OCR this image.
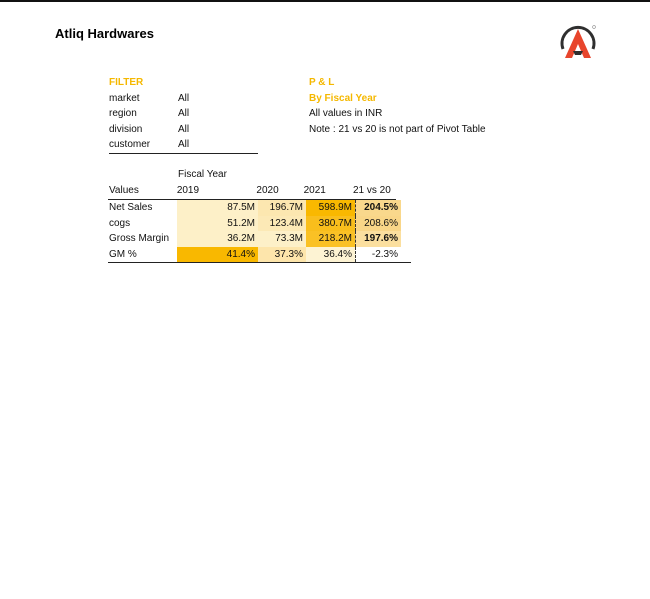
Atliq Hardwares
FILTER
market	All
region	All
division	All
customer	All
P & L
By Fiscal Year
All values in INR
Note : 21 vs 20 is not part of Pivot Table
Fiscal Year
Values	2019	2020	2021	21 vs 20
Net Sales	87.5M	196.7M	598.9M	204.5%
cogs	51.2M	123.4M	380.7M	208.6%
Gross Margin	36.2M	73.3M	218.2M	197.6%
GM %	41.4%	37.3%	36.4%	-2.3%
